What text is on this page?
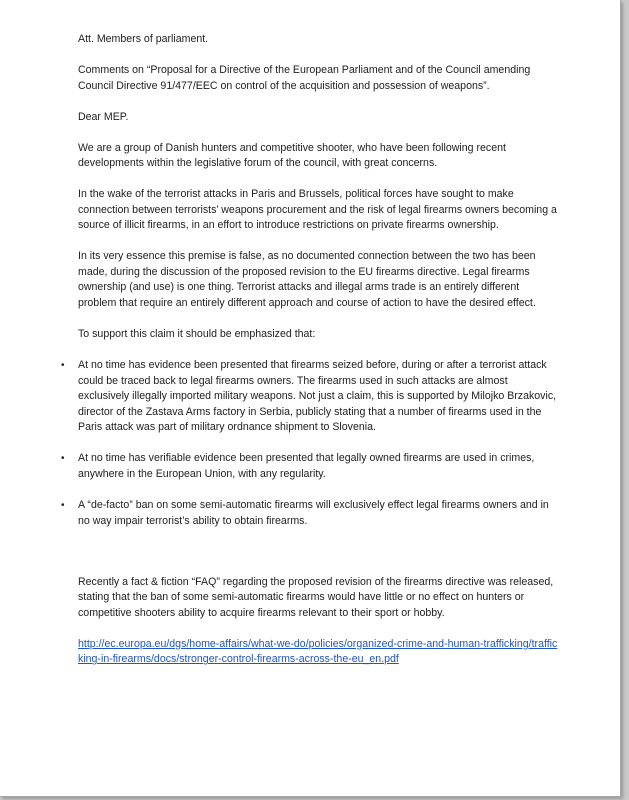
Att. Members of parliament.

Comments on “Proposal for a Directive of the European Parliament and of the Council amending Council Directive 91/477/EEC on control of the acquisition and possession of weapons”.

Dear MEP.

We are a group of Danish hunters and competitive shooter, who have been following recent developments within the legislative forum of the council, with great concerns.

In the wake of the terrorist attacks in Paris and Brussels, political forces have sought to make connection between terrorists’ weapons procurement and the risk of legal firearms owners becoming a source of illicit firearms, in an effort to introduce restrictions on private firearms ownership.

In its very essence this premise is false, as no documented connection between the two has been made, during the discussion of the proposed revision to the EU firearms directive. Legal firearms ownership (and use) is one thing. Terrorist attacks and illegal arms trade is an entirely different problem that require an entirely different approach and course of action to have the desired effect.

To support this claim it should be emphasized that:

• At no time has evidence been presented that firearms seized before, during or after a terrorist attack could be traced back to legal firearms owners. The firearms used in such attacks are almost exclusively illegally imported military weapons. Not just a claim, this is supported by Milojko Brzakovic, director of the Zastava Arms factory in Serbia, publicly stating that a number of firearms used in the Paris attack was part of military ordnance shipment to Slovenia.
• At no time has verifiable evidence been presented that legally owned firearms are used in crimes, anywhere in the European Union, with any regularity.
• A “de-facto” ban on some semi-automatic firearms will exclusively effect legal firearms owners and in no way impair terrorist’s ability to obtain firearms.

Recently a fact & fiction “FAQ” regarding the proposed revision of the firearms directive was released, stating that the ban of some semi-automatic firearms would have little or no effect on hunters or competitive shooters ability to acquire firearms relevant to their sport or hobby.

http://ec.europa.eu/dgs/home-affairs/what-we-do/policies/organized-crime-and-human-trafficking/trafficking-in-firearms/docs/stronger-control-firearms-across-the-eu_en.pdf
